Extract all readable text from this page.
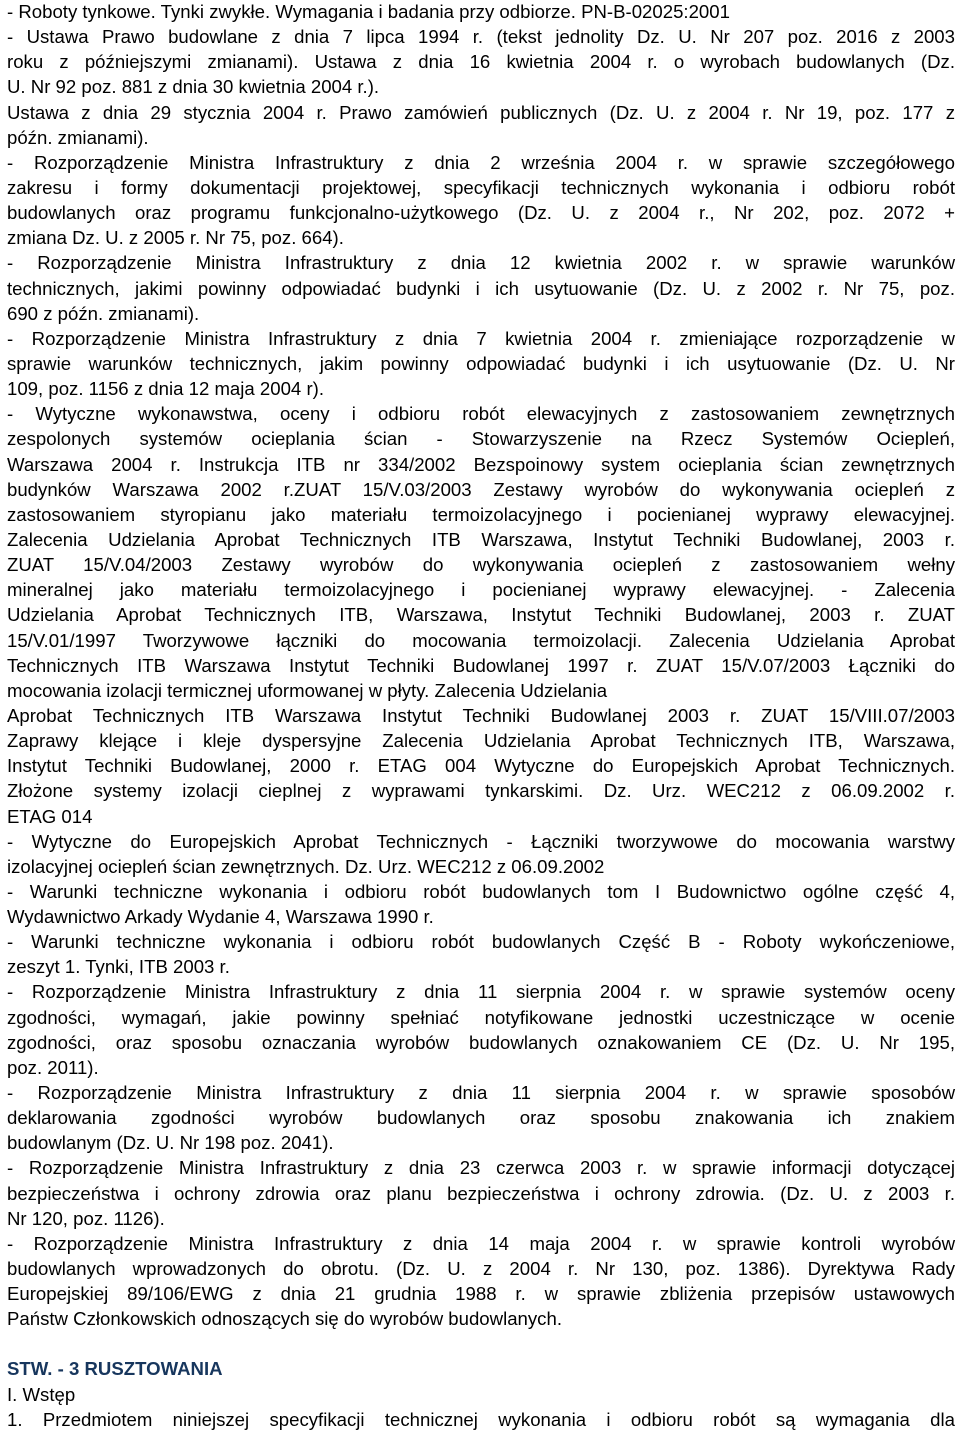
- Roboty tynkowe. Tynki zwykłe. Wymagania i badania przy odbiorze. PN-B-02025:2001
- Ustawa Prawo budowlane z dnia 7 lipca 1994 r. (tekst jednolity Dz. U. Nr 207 poz. 2016 z 2003
roku z późniejszymi zmianami). Ustawa z dnia 16 kwietnia 2004 r. o wyrobach budowlanych (Dz.
U. Nr 92 poz. 881 z dnia 30 kwietnia 2004 r.).
Ustawa z dnia 29 stycznia 2004 r. Prawo zamówień publicznych (Dz. U. z 2004 r. Nr 19, poz. 177 z
późn. zmianami).
- Rozporządzenie Ministra Infrastruktury z dnia 2 września 2004 r. w sprawie szczegółowego
zakresu i formy dokumentacji projektowej, specyfikacji technicznych wykonania i odbioru robót
budowlanych oraz programu funkcjonalno-użytkowego (Dz. U. z 2004 r., Nr 202, poz. 2072 +
zmiana Dz. U. z 2005 r. Nr 75, poz. 664).
- Rozporządzenie Ministra Infrastruktury z dnia 12 kwietnia 2002 r. w sprawie warunków
technicznych, jakimi powinny odpowiadać budynki i ich usytuowanie (Dz. U. z 2002 r. Nr 75, poz.
690 z późn. zmianami).
- Rozporządzenie Ministra Infrastruktury z dnia 7 kwietnia 2004 r. zmieniające rozporządzenie w
sprawie warunków technicznych, jakim powinny odpowiadać budynki i ich usytuowanie (Dz. U. Nr
109, poz. 1156 z dnia 12 maja 2004 r).
- Wytyczne wykonawstwa, oceny i odbioru robót elewacyjnych z zastosowaniem zewnętrznych
zespolonych systemów ocieplania ścian - Stowarzyszenie na Rzecz Systemów Ociepleń,
Warszawa 2004 r. Instrukcja ITB nr 334/2002 Bezspoinowy system ocieplania ścian zewnętrznych
budynków Warszawa 2002 r.ZUAT 15/V.03/2003 Zestawy wyrobów do wykonywania ociepleń z
zastosowaniem styropianu jako materiału termoizolacyjnego i pocienianej wyprawy elewacyjnej.
Zalecenia Udzielania Aprobat Technicznych ITB Warszawa, Instytut Techniki Budowlanej, 2003 r.
ZUAT 15/V.04/2003 Zestawy wyrobów do wykonywania ociepleń z zastosowaniem wełny
mineralnej jako materiału termoizolacyjnego i pocienianej wyprawy elewacyjnej. - Zalecenia
Udzielania Aprobat Technicznych ITB, Warszawa, Instytut Techniki Budowlanej, 2003 r. ZUAT
15/V.01/1997 Tworzywowe łączniki do mocowania termoizolacji. Zalecenia Udzielania Aprobat
Technicznych ITB Warszawa Instytut Techniki Budowlanej 1997 r. ZUAT 15/V.07/2003 Łączniki do
mocowania izolacji termicznej uformowanej w płyty. Zalecenia Udzielania
Aprobat Technicznych ITB Warszawa Instytut Techniki Budowlanej 2003 r. ZUAT 15/VIII.07/2003
Zaprawy klejące i kleje dyspersyjne Zalecenia Udzielania Aprobat Technicznych ITB, Warszawa,
Instytut Techniki Budowlanej, 2000 r. ETAG 004 Wytyczne do Europejskich Aprobat Technicznych.
Złożone systemy izolacji cieplnej z wyprawami tynkarskimi. Dz. Urz. WEC212 z 06.09.2002 r.
ETAG 014
- Wytyczne do Europejskich Aprobat Technicznych - Łączniki tworzywowe do mocowania warstwy
izolacyjnej ociepleń ścian zewnętrznych. Dz. Urz. WEC212 z 06.09.2002
- Warunki techniczne wykonania i odbioru robót budowlanych tom I Budownictwo ogólne część 4,
Wydawnictwo Arkady Wydanie 4, Warszawa 1990 r.
- Warunki techniczne wykonania i odbioru robót budowlanych Część B - Roboty wykończeniowe,
zeszyt 1. Tynki, ITB 2003 r.
- Rozporządzenie Ministra Infrastruktury z dnia 11 sierpnia 2004 r. w sprawie systemów oceny
zgodności, wymagań, jakie powinny spełniać notyfikowane jednostki uczestniczące w ocenie
zgodności, oraz sposobu oznaczania wyrobów budowlanych oznakowaniem CE (Dz. U. Nr 195,
poz. 2011).
- Rozporządzenie Ministra Infrastruktury z dnia 11 sierpnia 2004 r. w sprawie sposobów
deklarowania zgodności wyrobów budowlanych oraz sposobu znakowania ich znakiem
budowlanym (Dz. U. Nr 198 poz. 2041).
- Rozporządzenie Ministra Infrastruktury z dnia 23 czerwca 2003 r. w sprawie informacji dotyczącej
bezpieczeństwa i ochrony zdrowia oraz planu bezpieczeństwa i ochrony zdrowia. (Dz. U. z 2003 r.
Nr 120, poz. 1126).
- Rozporządzenie Ministra Infrastruktury z dnia 14 maja 2004 r. w sprawie kontroli wyrobów
budowlanych wprowadzonych do obrotu. (Dz. U. z 2004 r. Nr 130, poz. 1386). Dyrektywa Rady
Europejskiej 89/106/EWG z dnia 21 grudnia 1988 r. w sprawie zbliżenia przepisów ustawowych
Państw Członkowskich odnoszących się do wyrobów budowlanych.
STW. - 3 RUSZTOWANIA
I. Wstęp
1. Przedmiotem niniejszej specyfikacji technicznej wykonania i odbioru robót są wymagania dla
